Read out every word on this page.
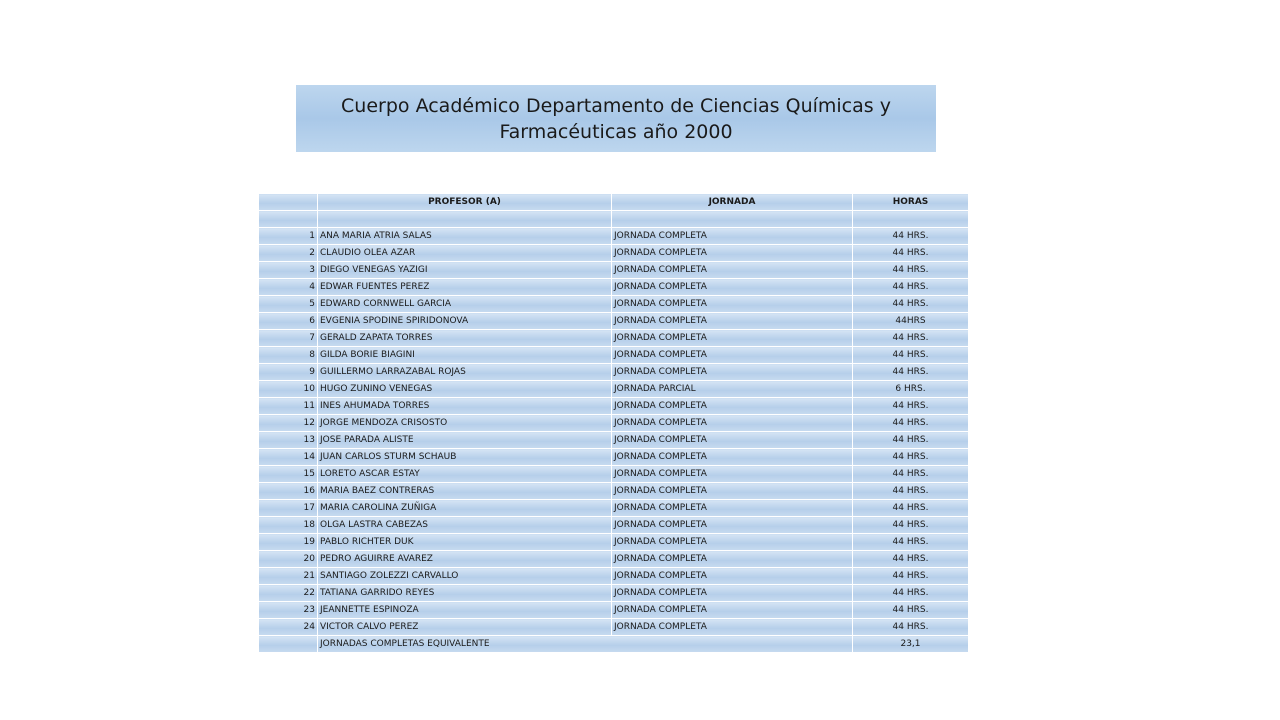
Cuerpo Académico Departamento de Ciencias Químicas y
Farmacéuticas año 2000
	PROFESOR (A)	JORNADA	HORAS

1	ANA MARIA ATRIA SALAS	JORNADA COMPLETA	44 HRS.
2	CLAUDIO OLEA AZAR	JORNADA COMPLETA	44 HRS.
3	DIEGO VENEGAS YAZIGI	JORNADA COMPLETA	44 HRS.
4	EDWAR FUENTES PEREZ	JORNADA COMPLETA	44 HRS.
5	EDWARD CORNWELL GARCIA	JORNADA COMPLETA	44 HRS.
6	EVGENIA SPODINE SPIRIDONOVA	JORNADA COMPLETA	44HRS
7	GERALD ZAPATA TORRES	JORNADA COMPLETA	44 HRS.
8	GILDA BORIE BIAGINI	JORNADA COMPLETA	44 HRS.
9	GUILLERMO LARRAZABAL ROJAS	JORNADA COMPLETA	44 HRS.
10	HUGO ZUNINO VENEGAS	JORNADA PARCIAL	6 HRS.
11	INES AHUMADA TORRES	JORNADA COMPLETA	44 HRS.
12	JORGE MENDOZA CRISOSTO	JORNADA COMPLETA	44 HRS.
13	JOSE PARADA ALISTE	JORNADA COMPLETA	44 HRS.
14	JUAN CARLOS STURM SCHAUB	JORNADA COMPLETA	44 HRS.
15	LORETO ASCAR ESTAY	JORNADA COMPLETA	44 HRS.
16	MARIA BAEZ CONTRERAS	JORNADA COMPLETA	44 HRS.
17	MARIA CAROLINA ZUÑIGA	JORNADA COMPLETA	44 HRS.
18	OLGA LASTRA CABEZAS	JORNADA COMPLETA	44 HRS.
19	PABLO RICHTER DUK	JORNADA COMPLETA	44 HRS.
20	PEDRO AGUIRRE AVAREZ	JORNADA COMPLETA	44 HRS.
21	SANTIAGO ZOLEZZI CARVALLO	JORNADA COMPLETA	44 HRS.
22	TATIANA GARRIDO REYES	JORNADA COMPLETA	44 HRS.
23	JEANNETTE ESPINOZA	JORNADA COMPLETA	44 HRS.
24	VICTOR CALVO PEREZ	JORNADA COMPLETA	44 HRS.
	JORNADAS COMPLETAS EQUIVALENTE		23,1
